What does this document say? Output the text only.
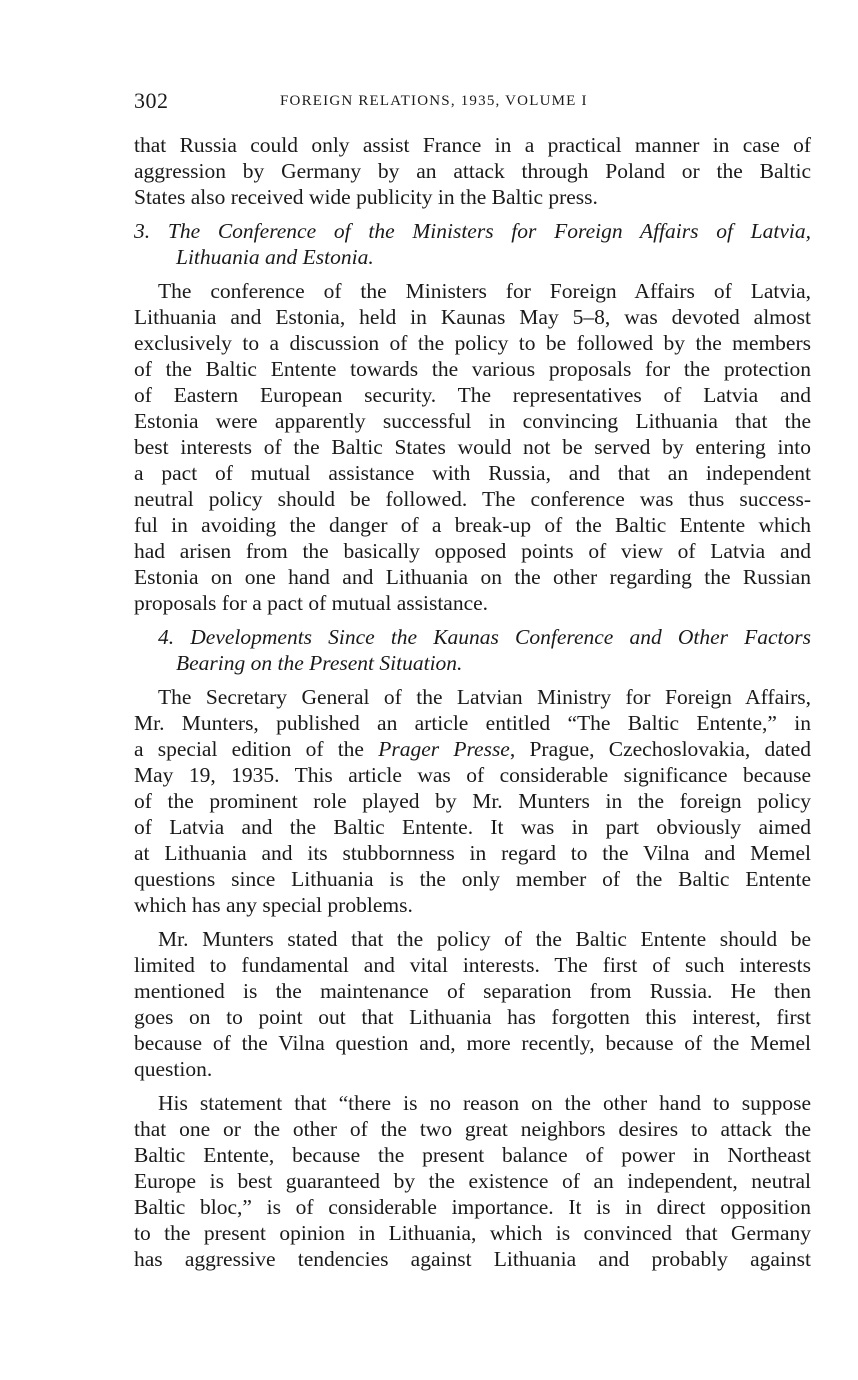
302	FOREIGN RELATIONS, 1935, VOLUME I
that Russia could only assist France in a practical manner in case of
aggression by Germany by an attack through Poland or the Baltic
States also received wide publicity in the Baltic press.
3. The Conference of the Ministers for Foreign Affairs of Latvia,
Lithuania and Estonia.
The conference of the Ministers for Foreign Affairs of Latvia,
Lithuania and Estonia, held in Kaunas May 5–8, was devoted almost
exclusively to a discussion of the policy to be followed by the members
of the Baltic Entente towards the various proposals for the protection
of Eastern European security. The representatives of Latvia and
Estonia were apparently successful in convincing Lithuania that the
best interests of the Baltic States would not be served by entering into
a pact of mutual assistance with Russia, and that an independent
neutral policy should be followed. The conference was thus success-
ful in avoiding the danger of a break-up of the Baltic Entente which
had arisen from the basically opposed points of view of Latvia and
Estonia on one hand and Lithuania on the other regarding the Russian
proposals for a pact of mutual assistance.
4. Developments Since the Kaunas Conference and Other Factors
Bearing on the Present Situation.
The Secretary General of the Latvian Ministry for Foreign Affairs,
Mr. Munters, published an article entitled “The Baltic Entente,” in
a special edition of the Prager Presse, Prague, Czechoslovakia, dated
May 19, 1935. This article was of considerable significance because
of the prominent role played by Mr. Munters in the foreign policy
of Latvia and the Baltic Entente. It was in part obviously aimed
at Lithuania and its stubbornness in regard to the Vilna and Memel
questions since Lithuania is the only member of the Baltic Entente
which has any special problems.
Mr. Munters stated that the policy of the Baltic Entente should be
limited to fundamental and vital interests. The first of such interests
mentioned is the maintenance of separation from Russia. He then
goes on to point out that Lithuania has forgotten this interest, first
because of the Vilna question and, more recently, because of the Memel
question.
His statement that “there is no reason on the other hand to suppose
that one or the other of the two great neighbors desires to attack the
Baltic Entente, because the present balance of power in Northeast
Europe is best guaranteed by the existence of an independent, neutral
Baltic bloc,” is of considerable importance. It is in direct opposition
to the present opinion in Lithuania, which is convinced that Germany
has aggressive tendencies against Lithuania and probably against
